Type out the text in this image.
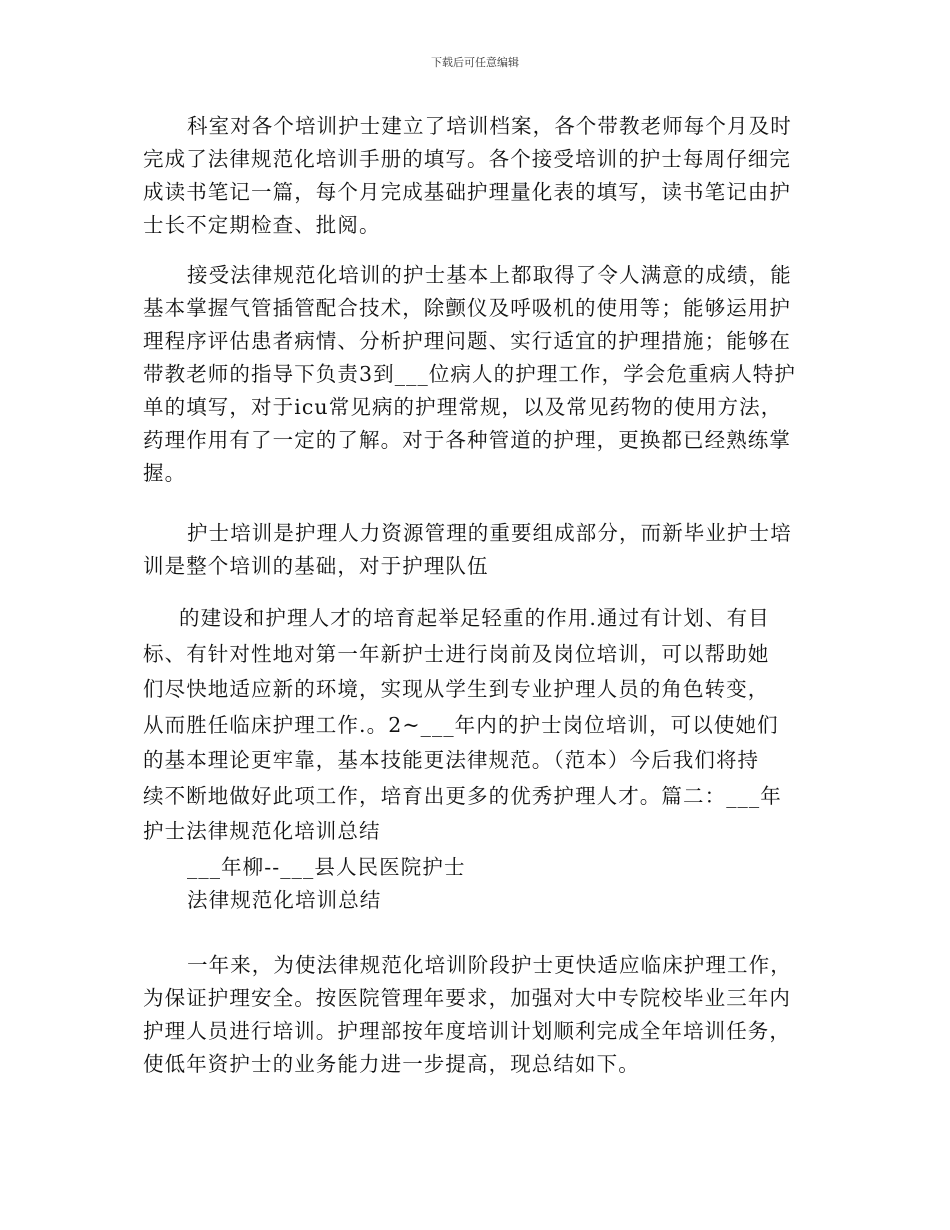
下载后可任意编辑
科室对各个培训护士建立了培训档案，各个带教老师每个月及时
完成了法律规范化培训手册的填写。各个接受培训的护士每周仔细完
成读书笔记一篇，每个月完成基础护理量化表的填写，读书笔记由护
士长不定期检查、批阅。
接受法律规范化培训的护士基本上都取得了令人满意的成绩，能
基本掌握气管插管配合技术，除颤仪及呼吸机的使用等；能够运用护
理程序评估患者病情、分析护理问题、实行适宜的护理措施；能够在
带教老师的指导下负责3到___位病人的护理工作，学会危重病人特护
单的填写，对于icu常见病的护理常规，以及常见药物的使用方法，
药理作用有了一定的了解。对于各种管道的护理，更换都已经熟练掌
握。
护士培训是护理人力资源管理的重要组成部分，而新毕业护士培
训是整个培训的基础，对于护理队伍
的建设和护理人才的培育起举足轻重的作用.通过有计划、有目
标、有针对性地对第一年新护士进行岗前及岗位培训，可以帮助她
们尽快地适应新的环境，实现从学生到专业护理人员的角色转变，
从而胜任临床护理工作.。2~___年内的护士岗位培训，可以使她们
的基本理论更牢靠，基本技能更法律规范。（范本）今后我们将持
续不断地做好此项工作，培育出更多的优秀护理人才。篇二：___年
护士法律规范化培训总结
___年柳--___县人民医院护士
法律规范化培训总结
一年来，为使法律规范化培训阶段护士更快适应临床护理工作，
为保证护理安全。按医院管理年要求，加强对大中专院校毕业三年内
护理人员进行培训。护理部按年度培训计划顺利完成全年培训任务，
使低年资护士的业务能力进一步提高，现总结如下。
